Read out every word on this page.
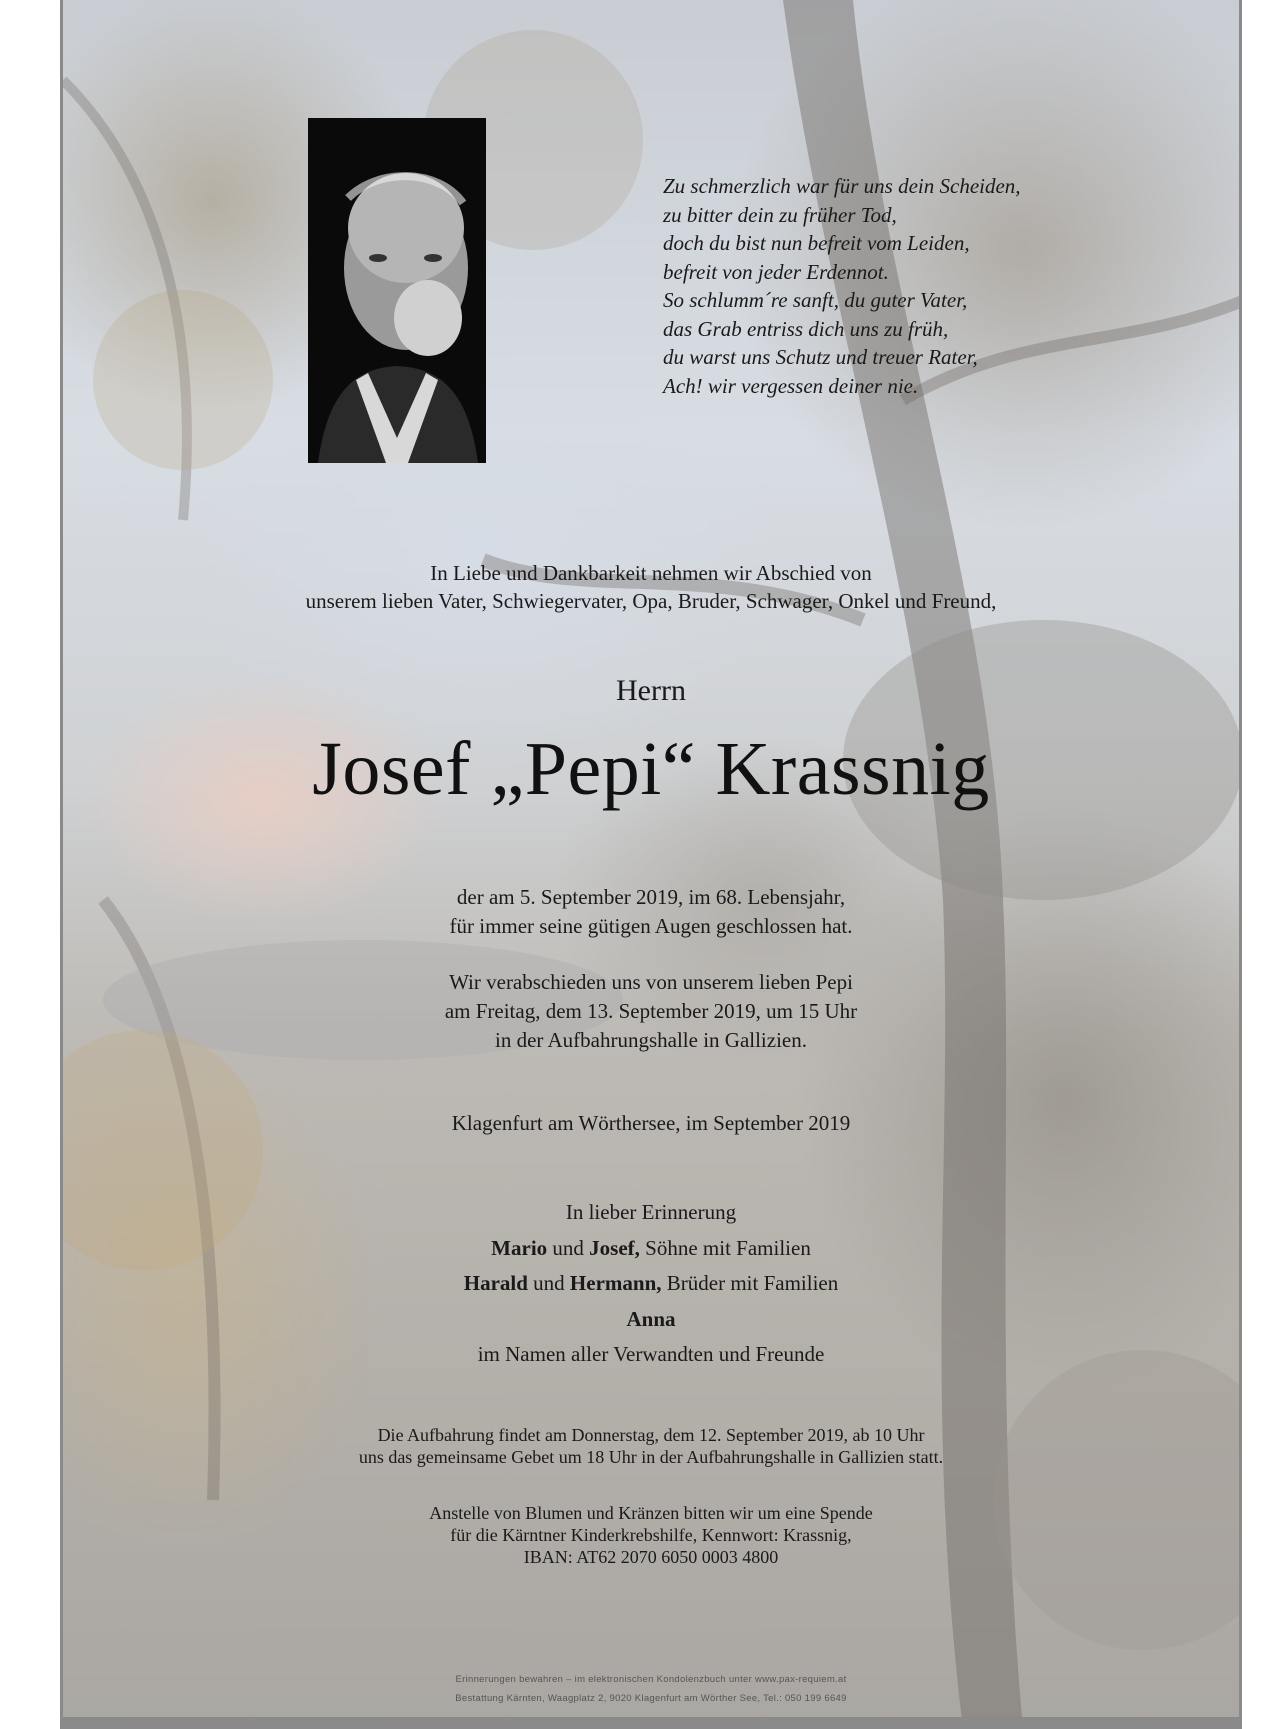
Zu schmerzlich war für uns dein Scheiden,
zu bitter dein zu früher Tod,
doch du bist nun befreit vom Leiden,
befreit von jeder Erdennot.
So schlumm´re sanft, du guter Vater,
das Grab entriss dich uns zu früh,
du warst uns Schutz und treuer Rater,
Ach! wir vergessen deiner nie.
In Liebe und Dankbarkeit nehmen wir Abschied von
unserem lieben Vater, Schwiegervater, Opa, Bruder, Schwager, Onkel und Freund,
Herrn
Josef „Pepi“ Krassnig
der am 5. September 2019, im 68. Lebensjahr,
für immer seine gütigen Augen geschlossen hat.
Wir verabschieden uns von unserem lieben Pepi
am Freitag, dem 13. September 2019, um 15 Uhr
in der Aufbahrungshalle in Gallizien.
Klagenfurt am Wörthersee, im September 2019
In lieber Erinnerung
Mario und Josef, Söhne mit Familien
Harald und Hermann, Brüder mit Familien
Anna
im Namen aller Verwandten und Freunde
Die Aufbahrung findet am Donnerstag, dem 12. September 2019, ab 10 Uhr
uns das gemeinsame Gebet um 18 Uhr in der Aufbahrungshalle in Gallizien statt.
Anstelle von Blumen und Kränzen bitten wir um eine Spende
für die Kärntner Kinderkrebshilfe, Kennwort: Krassnig,
IBAN: AT62 2070 6050 0003 4800
Erinnerungen bewahren – im elektronischen Kondolenzbuch unter www.pax-requiem.at
Bestattung Kärnten, Waagplatz 2, 9020 Klagenfurt am Wörther See, Tel.: 050 199 6649
